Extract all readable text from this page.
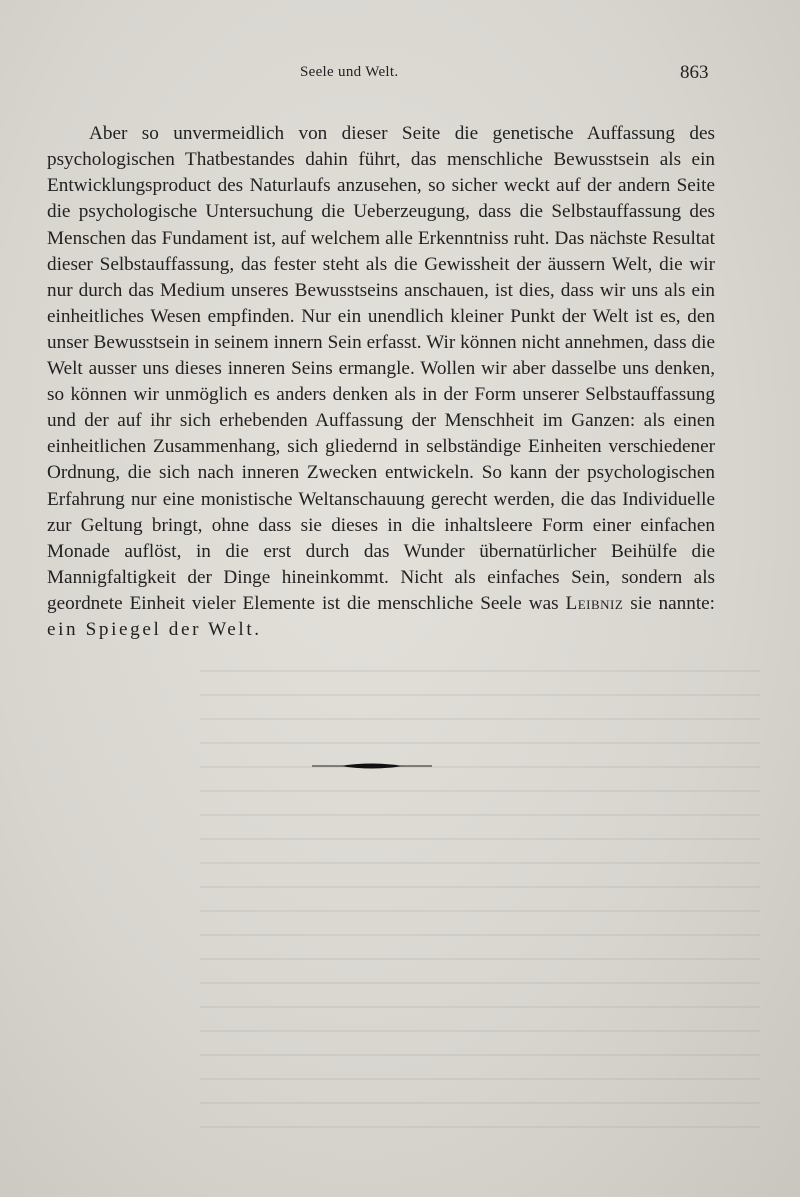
Seele und Welt.	863

Aber so unvermeidlich von dieser Seite die genetische Auffassung des psychologischen Thatbestandes dahin führt, das menschliche Bewusstsein als ein Entwicklungsproduct des Naturlaufs anzusehen, so sicher weckt auf der andern Seite die psychologische Untersuchung die Ueberzeugung, dass die Selbstauffassung des Menschen das Fundament ist, auf welchem alle Erkenntniss ruht. Das nächste Resultat dieser Selbstauffassung, das fester steht als die Gewissheit der äussern Welt, die wir nur durch das Medium unseres Bewusstseins anschauen, ist dies, dass wir uns als ein einheitliches Wesen empfinden. Nur ein unendlich kleiner Punkt der Welt ist es, den unser Bewusstsein in seinem innern Sein erfasst. Wir können nicht annehmen, dass die Welt ausser uns dieses inneren Seins ermangle. Wollen wir aber dasselbe uns denken, so können wir unmöglich es anders denken als in der Form unserer Selbstauffassung und der auf ihr sich erhebenden Auffassung der Menschheit im Ganzen: als einen einheitlichen Zusammenhang, sich gliedernd in selbständige Einheiten verschiedener Ordnung, die sich nach inneren Zwecken entwickeln. So kann der psychologischen Erfahrung nur eine monistische Weltanschauung gerecht werden, die das Individuelle zur Geltung bringt, ohne dass sie dieses in die inhaltsleere Form einer einfachen Monade auflöst, in die erst durch das Wunder übernatürlicher Beihülfe die Mannigfaltigkeit der Dinge hineinkommt. Nicht als einfaches Sein, sondern als geordnete Einheit vieler Elemente ist die menschliche Seele was Leibniz sie nannte: ein Spiegel der Welt.
